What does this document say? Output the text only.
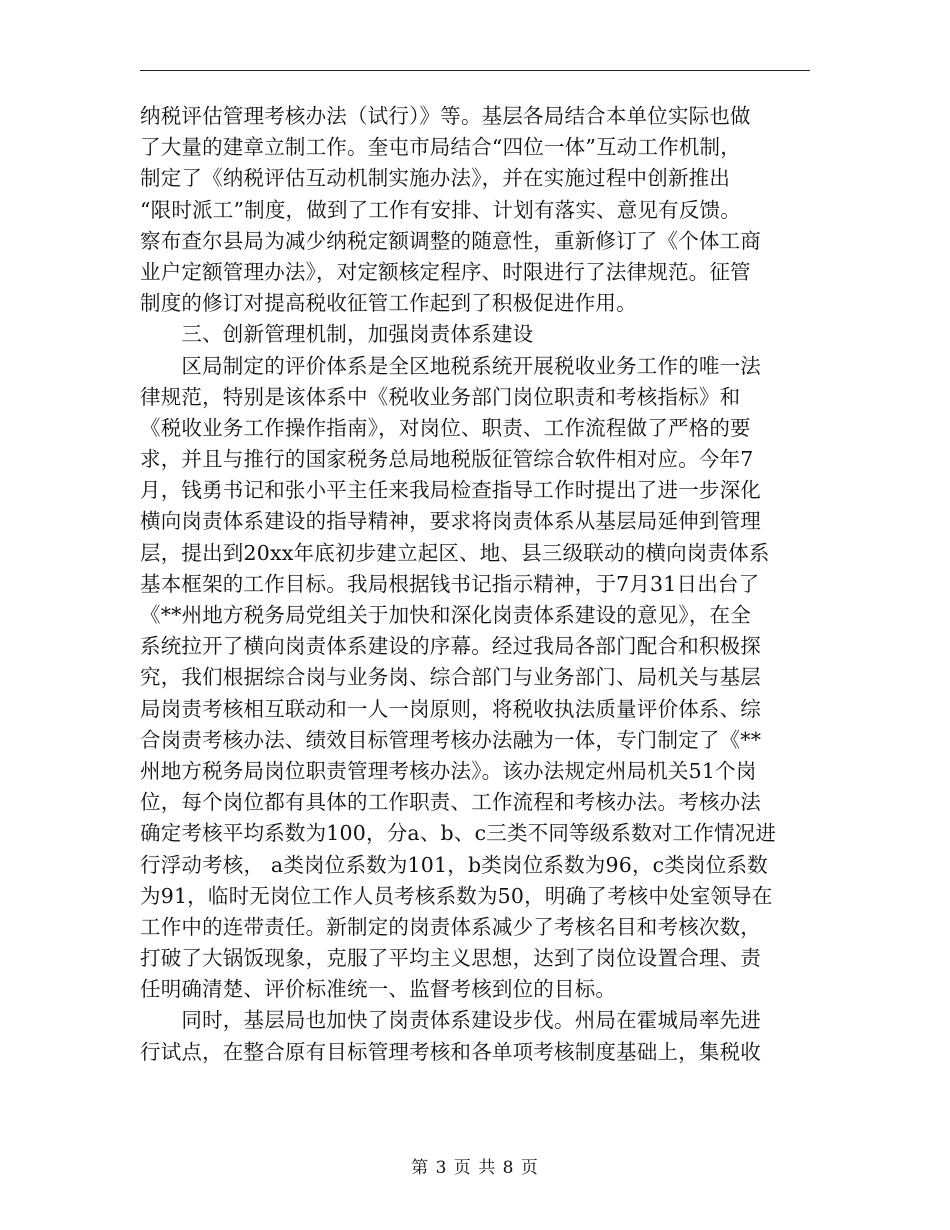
纳税评估管理考核办法（试行）》等。基层各局结合本单位实际也做
了大量的建章立制工作。奎屯市局结合“四位一体”互动工作机制，
制定了《纳税评估互动机制实施办法》，并在实施过程中创新推出
“限时派工”制度，做到了工作有安排、计划有落实、意见有反馈。
察布查尔县局为减少纳税定额调整的随意性，重新修订了《个体工商
业户定额管理办法》，对定额核定程序、时限进行了法律规范。征管
制度的修订对提高税收征管工作起到了积极促进作用。
　　三、创新管理机制，加强岗责体系建设
　　区局制定的评价体系是全区地税系统开展税收业务工作的唯一法
律规范，特别是该体系中《税收业务部门岗位职责和考核指标》和
《税收业务工作操作指南》，对岗位、职责、工作流程做了严格的要
求，并且与推行的国家税务总局地税版征管综合软件相对应。今年7
月，钱勇书记和张小平主任来我局检查指导工作时提出了进一步深化
横向岗责体系建设的指导精神，要求将岗责体系从基层局延伸到管理
层，提出到20xx年底初步建立起区、地、县三级联动的横向岗责体系
基本框架的工作目标。我局根据钱书记指示精神，于7月31日出台了
《**州地方税务局党组关于加快和深化岗责体系建设的意见》，在全
系统拉开了横向岗责体系建设的序幕。经过我局各部门配合和积极探
究，我们根据综合岗与业务岗、综合部门与业务部门、局机关与基层
局岗责考核相互联动和一人一岗原则，将税收执法质量评价体系、综
合岗责考核办法、绩效目标管理考核办法融为一体，专门制定了《**
州地方税务局岗位职责管理考核办法》。该办法规定州局机关51个岗
位，每个岗位都有具体的工作职责、工作流程和考核办法。考核办法
确定考核平均系数为100，分a、b、c三类不同等级系数对工作情况进
行浮动考核， a类岗位系数为101，b类岗位系数为96，c类岗位系数
为91，临时无岗位工作人员考核系数为50，明确了考核中处室领导在
工作中的连带责任。新制定的岗责体系减少了考核名目和考核次数，
打破了大锅饭现象，克服了平均主义思想，达到了岗位设置合理、责
任明确清楚、评价标准统一、监督考核到位的目标。
　　同时，基层局也加快了岗责体系建设步伐。州局在霍城局率先进
行试点，在整合原有目标管理考核和各单项考核制度基础上，集税收
第 3 页 共 8 页
